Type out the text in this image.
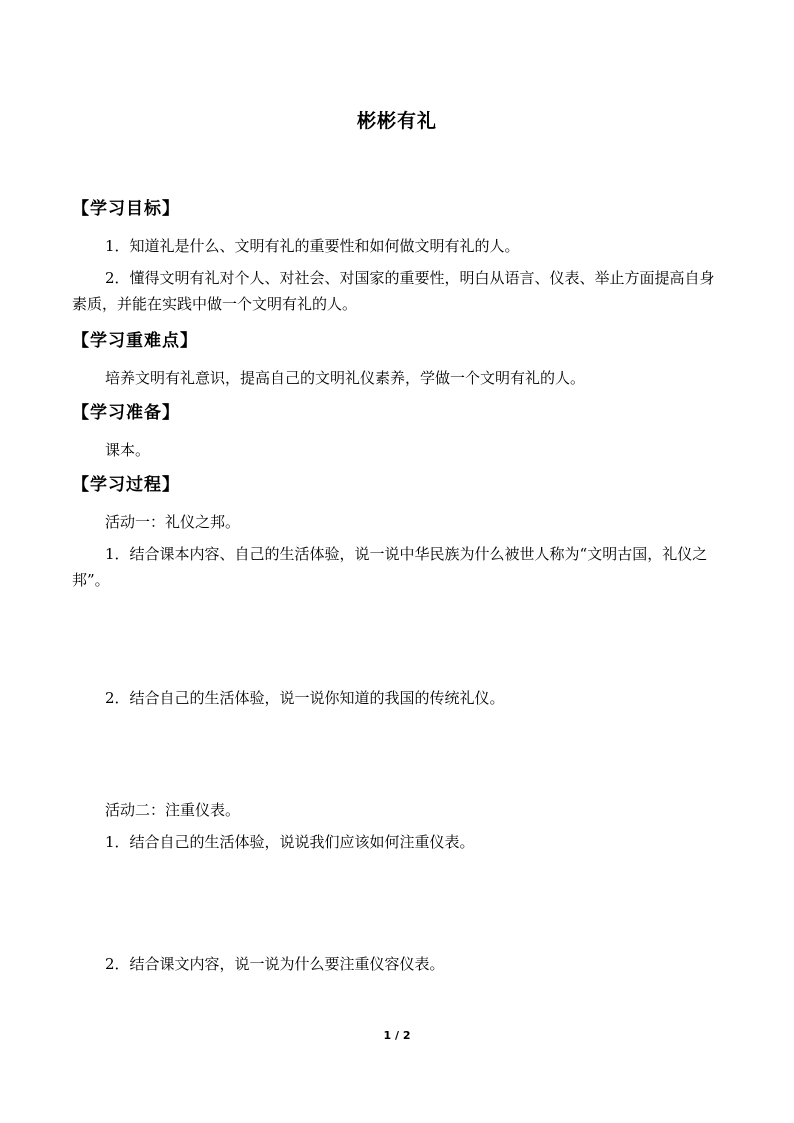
彬彬有礼
【学习目标】
1．知道礼是什么、文明有礼的重要性和如何做文明有礼的人。
2．懂得文明有礼对个人、对社会、对国家的重要性，明白从语言、仪表、举止方面提高自身素质，并能在实践中做一个文明有礼的人。
【学习重难点】
培养文明有礼意识，提高自己的文明礼仪素养，学做一个文明有礼的人。
【学习准备】
课本。
【学习过程】
活动一：礼仪之邦。
1．结合课本内容、自己的生活体验，说一说中华民族为什么被世人称为“文明古国，礼仪之邦”。
2．结合自己的生活体验，说一说你知道的我国的传统礼仪。
活动二：注重仪表。
1．结合自己的生活体验，说说我们应该如何注重仪表。
2．结合课文内容，说一说为什么要注重仪容仪表。
1 / 2
